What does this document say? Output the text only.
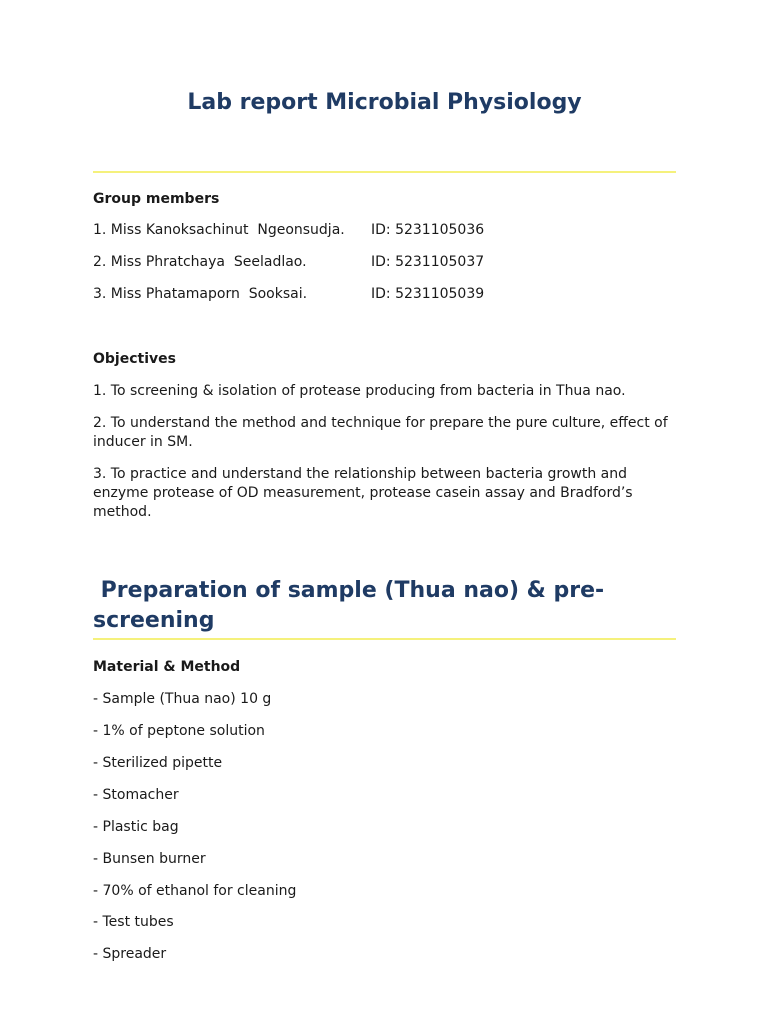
Lab report Microbial Physiology
Group members
1. Miss Kanoksachinut  Ngeonsudja. ID: 5231105036
2. Miss Phratchaya  Seeladlao.	ID: 5231105037
3. Miss Phatamaporn  Sooksai.	ID: 5231105039
Objectives

1. To screening & isolation of protease producing from bacteria in Thua nao.

2. To understand the method and technique for prepare the pure culture, effect of inducer in SM.

3. To practice and understand the relationship between bacteria growth and enzyme protease of OD measurement, protease casein assay and Bradford’s method.

Preparation of sample (Thua nao) & pre-screening
Material & Method

- Sample (Thua nao) 10 g

- 1% of peptone solution

- Sterilized pipette

- Stomacher

- Plastic bag

- Bunsen burner

- 70% of ethanol for cleaning

- Test tubes

- Spreader
